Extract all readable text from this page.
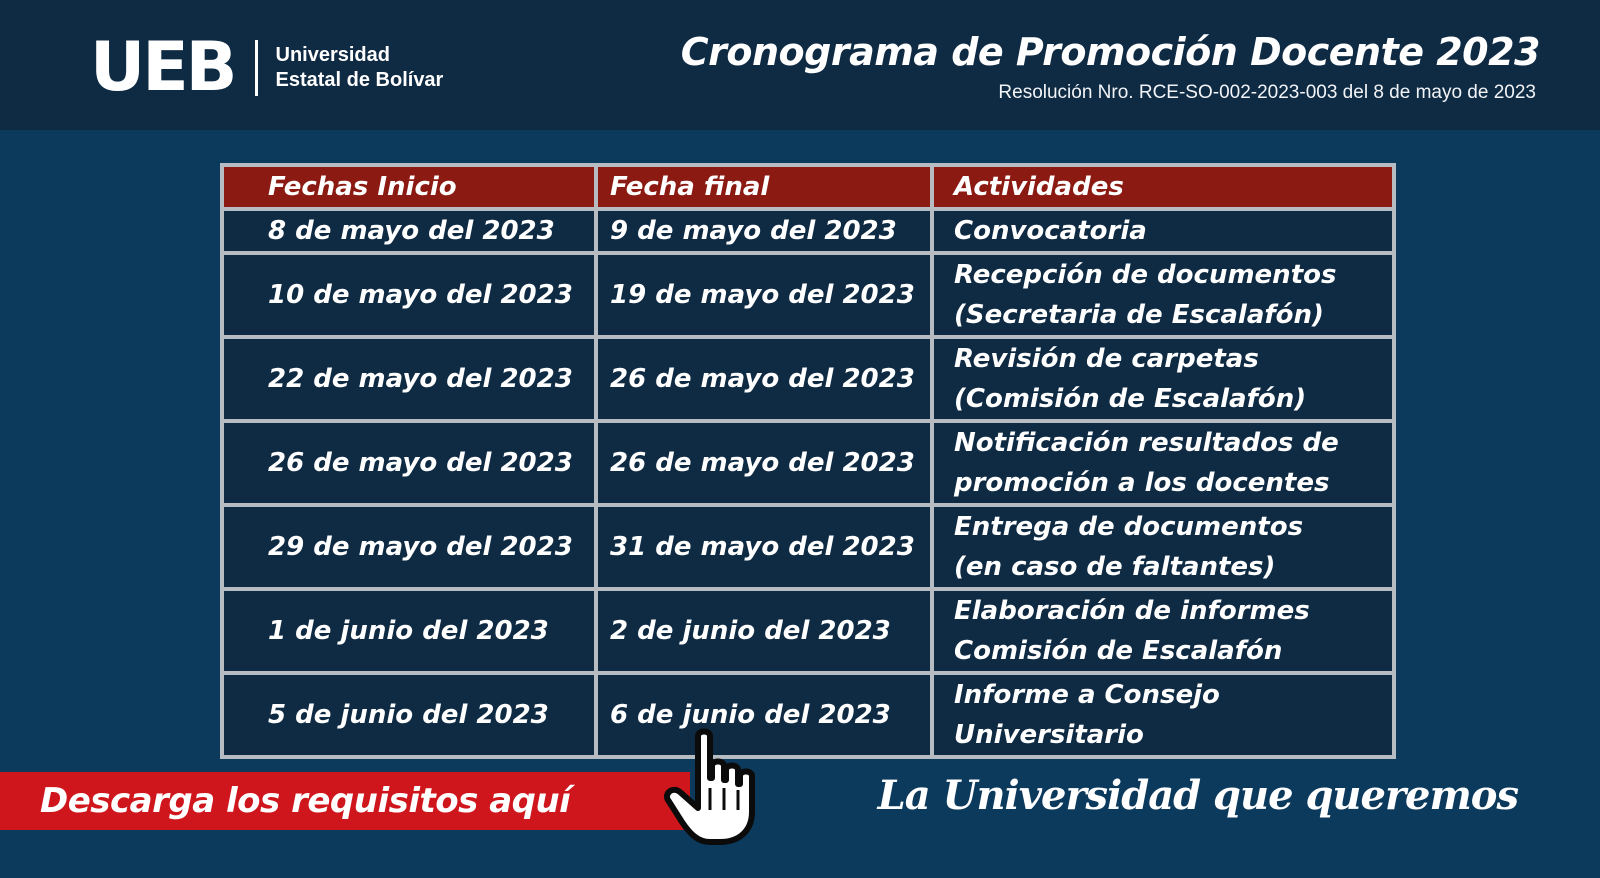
UEB Universidad
Estatal de Bolívar
Cronograma de Promoción Docente 2023
Resolución Nro. RCE-SO-002-2023-003 del 8 de mayo de 2023
Fechas Inicio	Fecha final	Actividades
8 de mayo del 2023	9 de mayo del 2023	Convocatoria

10 de mayo del 2023	19 de mayo del 2023	Recepción de documentos
(Secretaria de Escalafón)

22 de mayo del 2023	26 de mayo del 2023	Revisión de carpetas
(Comisión de Escalafón)

26 de mayo del 2023	26 de mayo del 2023	Notificación resultados de
promoción a los docentes

29 de mayo del 2023	31 de mayo del 2023	Entrega de documentos
(en caso de faltantes)

1 de junio del 2023	2 de junio del 2023	Elaboración de informes
Comisión de Escalafón

5 de junio del 2023	6 de junio del 2023	Informe a Consejo
Universitario
Descarga los requisitos aquí	La Universidad que queremos
